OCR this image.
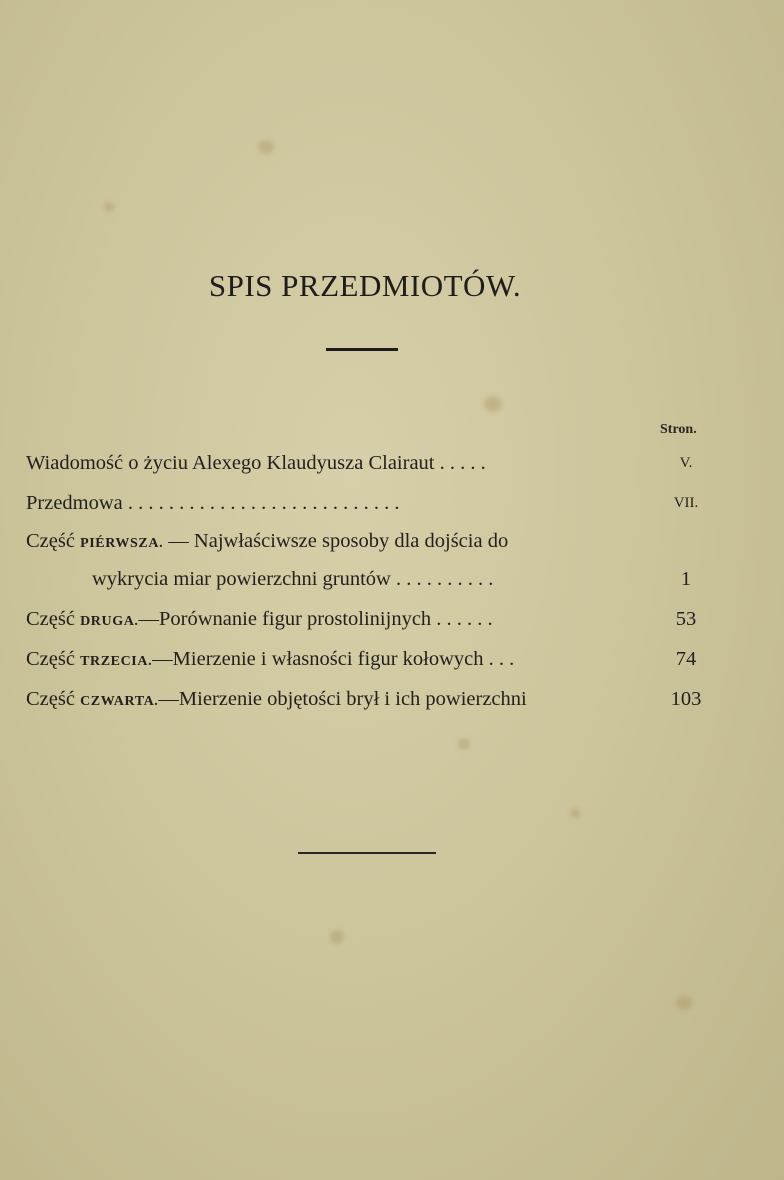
SPIS PRZEDMIOTÓW.
Stron.
Wiadomość o życiu Alexego Klaudyusza Clairaut . . . . .	V.
Przedmowa . . . . . . . . . . . . . . . . . . . . . . . . . . .	VII.
Część PIÉRWSZA. — Najwłaściwsze sposoby dla dojścia do
wykrycia miar powierzchni gruntów . . . . . . . . . .	1
Część DRUGA.—Porównanie figur prostolinijnych . . . . . .	53
Część TRZECIA.—Mierzenie i własności figur kołowych . . .	74
Część CZWARTA.—Mierzenie objętości brył i ich powierzchni	103
